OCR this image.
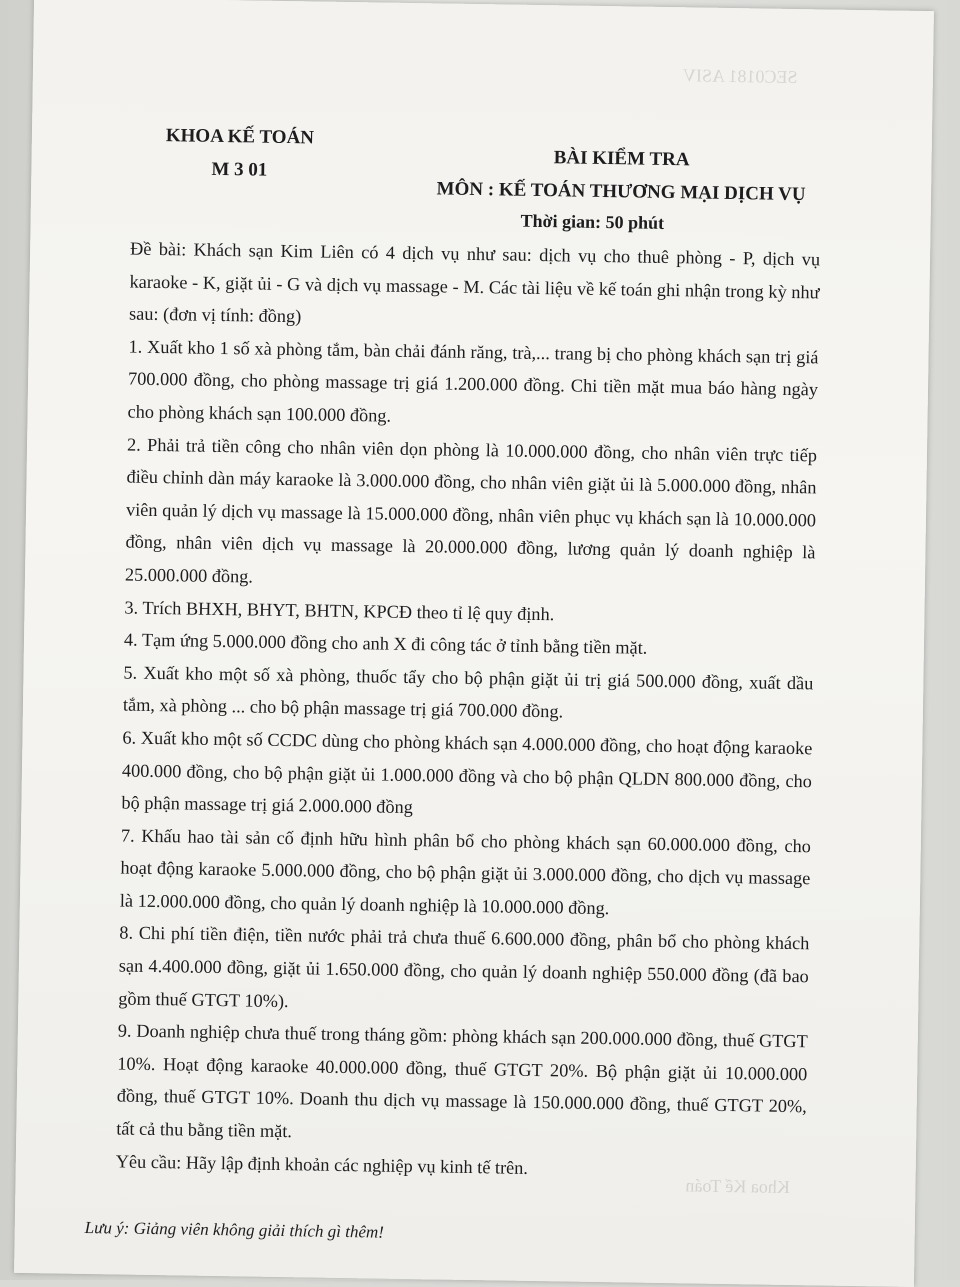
SEC0181 ASIV
Khoa Kế Toán
KHOA KẾ TOÁN
M 3 01	BÀI KIỂM TRA
MÔN : KẾ TOÁN THƯƠNG MẠI DỊCH VỤ
Thời gian: 50 phút

Đề bài: Khách sạn Kim Liên có 4 dịch vụ như sau: dịch vụ cho thuê phòng - P, dịch vụ karaoke - K, giặt ủi - G và dịch vụ massage - M. Các tài liệu về kế toán ghi nhận trong kỳ như sau: (đơn vị tính: đồng)

1. Xuất kho 1 số xà phòng tắm, bàn chải đánh răng, trà,... trang bị cho phòng khách sạn trị giá 700.000 đồng, cho phòng massage trị giá 1.200.000 đồng. Chi tiền mặt mua báo hàng ngày cho phòng khách sạn 100.000 đồng.

2. Phải trả tiền công cho nhân viên dọn phòng là 10.000.000 đồng, cho nhân viên trực tiếp điều chỉnh dàn máy karaoke là 3.000.000 đồng, cho nhân viên giặt ủi là 5.000.000 đồng, nhân viên quản lý dịch vụ massage là 15.000.000 đồng, nhân viên phục vụ khách sạn là 10.000.000 đồng, nhân viên dịch vụ massage là 20.000.000 đồng, lương quản lý doanh nghiệp là 25.000.000 đồng.

3. Trích BHXH, BHYT, BHTN, KPCĐ theo tỉ lệ quy định.

4. Tạm ứng 5.000.000 đồng cho anh X đi công tác ở tỉnh bằng tiền mặt.

5. Xuất kho một số xà phòng, thuốc tẩy cho bộ phận giặt ủi trị giá 500.000 đồng, xuất dầu tắm, xà phòng ... cho bộ phận massage trị giá 700.000 đồng.

6. Xuất kho một số CCDC dùng cho phòng khách sạn 4.000.000 đồng, cho hoạt động karaoke 400.000 đồng, cho bộ phận giặt ủi 1.000.000 đồng và cho bộ phận QLDN 800.000 đồng, cho bộ phận massage trị giá 2.000.000 đồng

7. Khấu hao tài sản cố định hữu hình phân bổ cho phòng khách sạn 60.000.000 đồng, cho hoạt động karaoke 5.000.000 đồng, cho bộ phận giặt ủi 3.000.000 đồng, cho dịch vụ massage là 12.000.000 đồng, cho quản lý doanh nghiệp là 10.000.000 đồng.

8. Chi phí tiền điện, tiền nước phải trả chưa thuế 6.600.000 đồng, phân bổ cho phòng khách sạn 4.400.000 đồng, giặt ủi 1.650.000 đồng, cho quản lý doanh nghiệp 550.000 đồng (đã bao gồm thuế GTGT 10%).

9. Doanh nghiệp chưa thuế trong tháng gồm: phòng khách sạn 200.000.000 đồng, thuế GTGT 10%. Hoạt động karaoke 40.000.000 đồng, thuế GTGT 20%. Bộ phận giặt ủi 10.000.000 đồng, thuế GTGT 10%. Doanh thu dịch vụ massage là 150.000.000 đồng, thuế GTGT 20%, tất cả thu bằng tiền mặt.

Yêu cầu: Hãy lập định khoản các nghiệp vụ kinh tế trên.

Lưu ý: Giảng viên không giải thích gì thêm!
